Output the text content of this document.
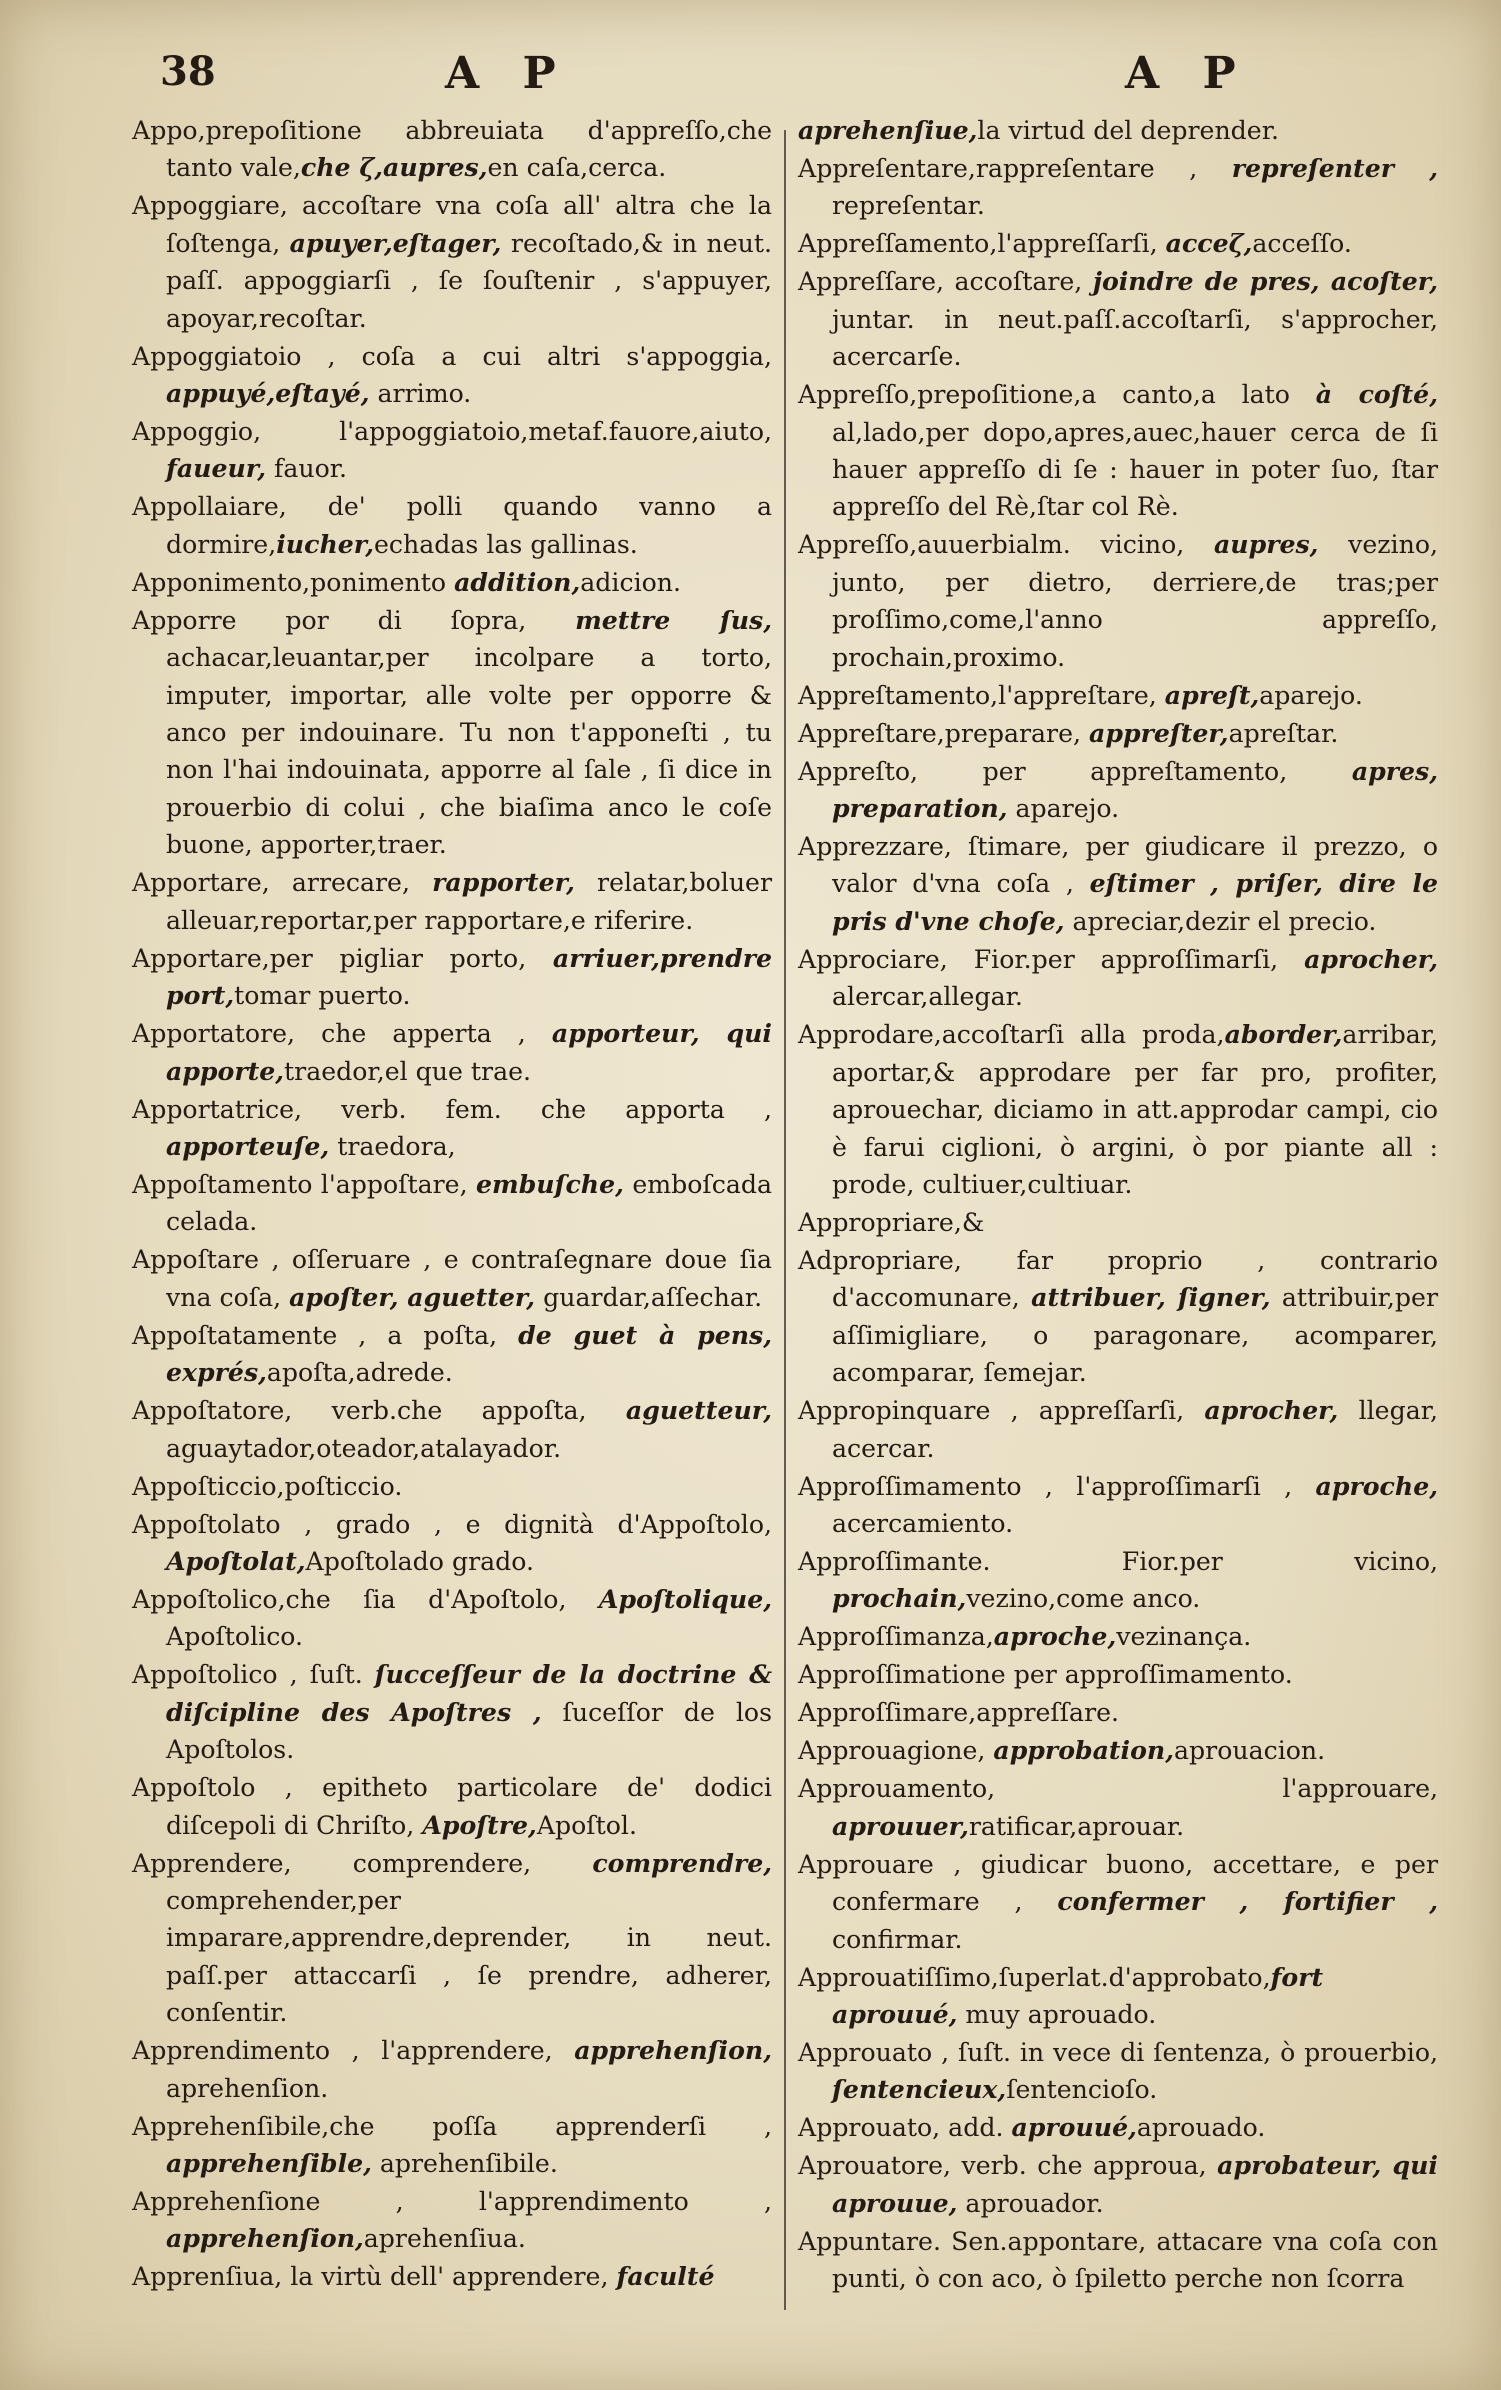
38	A P	A P

Appo,prepoſitione abbreuiata d'appreſſo,che tanto vale,che ζ,aupres,en caſa,cerca.

Appoggiare, accoſtare vna coſa all' altra che la ſoſtenga, apuyer,eſtager, recoſtado,& in neut. paſſ. appoggiarſi , ſe ſouſtenir , s'appuyer, apoyar,recoſtar.

Appoggiatoio , coſa a cui altri s'appoggia, appuyé,eſtayé, arrimo.

Appoggio, l'appoggiatoio,metaf.fauore,aiuto, faueur, fauor.

Appollaiare, de' polli quando vanno a dormire,iucher,echadas las gallinas.

Apponimento,ponimento addition,adicion.

Apporre por di ſopra, mettre ſus, achacar,leuantar,per incolpare a torto, imputer, importar, alle volte per opporre & anco per indouinare. Tu non t'apponeſti , tu non l'hai indouinata, apporre al ſale , ſi dice in prouerbio di colui , che biaſima anco le coſe buone, apporter,traer.

Apportare, arrecare, rapporter, relatar,boluer alleuar,reportar,per rapportare,e riferire.

Apportare,per pigliar porto, arriuer,prendre port,tomar puerto.

Apportatore, che apperta , apporteur, qui apporte,traedor,el que trae.

Apportatrice, verb. fem. che apporta , apporteuſe, traedora,

Appoſtamento l'appoſtare, embuſche, emboſcada celada.

Appoſtare , oſſeruare , e contraſegnare doue ſia vna coſa, apoſter, aguetter, guardar,aſſechar.

Appoſtatamente , a poſta, de guet à pens, exprés,apoſta,adrede.

Appoſtatore, verb.che appoſta, aguetteur, aguaytador,oteador,atalayador.

Appoſticcio,poſticcio.

Appoſtolato , grado , e dignità d'Appoſtolo, Apoſtolat,Apoſtolado grado.

Appoſtolico,che ſia d'Apoſtolo, Apoſtolique, Apoſtolico.

Appoſtolico , ſuſt. ſucceſſeur de la doctrine & diſcipline des Apoſtres , ſuceſſor de los Apoſtolos.

Appoſtolo , epitheto particolare de' dodici diſcepoli di Chriſto, Apoſtre,Apoſtol.

Apprendere, comprendere, comprendre, comprehender,per imparare,apprendre,deprender, in neut. paſſ.per attaccarſi , ſe prendre, adherer, conſentir.

Apprendimento , l'apprendere, apprehenſion, aprehenſion.

Apprehenſibile,che poſſa apprenderſi , apprehenſible, aprehenſibile.

Apprehenſione , l'apprendimento , apprehenſion,aprehenſiua.

Apprenſiua, la virtù dell' apprendere, faculté

aprehenſiue,la virtud del deprender.

Appreſentare,rappreſentare , repreſenter , repreſentar.

Appreſſamento,l'appreſſarſi, acceζ,acceſſo.

Appreſſare, accoſtare, joindre de pres, acoſter, juntar. in neut.paſſ.accoſtarſi, s'approcher, acercarſe.

Appreſſo,prepoſitione,a canto,a lato à coſté, al,lado,per dopo,apres,auec,hauer cerca de ſi hauer appreſſo di ſe : hauer in poter ſuo, ſtar appreſſo del Rè,ſtar col Rè.

Appreſſo,auuerbialm. vicino, aupres, vezino, junto, per dietro, derriere,de tras;per proſſimo,come,l'anno appreſſo, prochain,proximo.

Appreſtamento,l'appreſtare, apreſt,aparejo.

Appreſtare,preparare, appreſter,apreſtar.

Appreſto, per appreſtamento, apres, preparation, aparejo.

Apprezzare, ſtimare, per giudicare il prezzo, o valor d'vna coſa , eſtimer , priſer, dire le pris d'vne choſe, apreciar,dezir el precio.

Approciare, Fior.per approſſimarſi, aprocher, alercar,allegar.

Approdare,accoſtarſi alla proda,aborder,arribar, aportar,& approdare per far pro, profiter, aprouechar, diciamo in att.approdar campi, cio è farui ciglioni, ò argini, ò por piante all : prode, cultiuer,cultiuar.

Appropriare,&

Adpropriare, far proprio , contrario d'accomunare, attribuer, ſigner, attribuir,per aſſimigliare, o paragonare, acomparer, acomparar, ſemejar.

Appropinquare , appreſſarſi, aprocher, llegar, acercar.

Approſſimamento , l'approſſimarſi , aproche, acercamiento.

Approſſimante. Fior.per vicino, prochain,vezino,come anco.

Approſſimanza,aproche,vezinança.

Approſſimatione per approſſimamento.

Approſſimare,appreſſare.

Approuagione, approbation,aprouacion.

Approuamento, l'approuare, aprouuer,ratificar,aprouar.

Approuare , giudicar buono, accettare, e per confermare , confermer , fortifier , confirmar.

Approuatiſſimo,ſuperlat.d'approbato,fort aprouué, muy aprouado.

Approuato , ſuſt. in vece di ſentenza, ò prouerbio, ſentencieux,ſentencioſo.

Approuato, add. aprouué,aprouado.

Aprouatore, verb. che approua, aprobateur, qui aprouue, aprouador.

Appuntare. Sen.appontare, attacare vna coſa con punti, ò con aco, ò ſpiletto perche non ſcorra
